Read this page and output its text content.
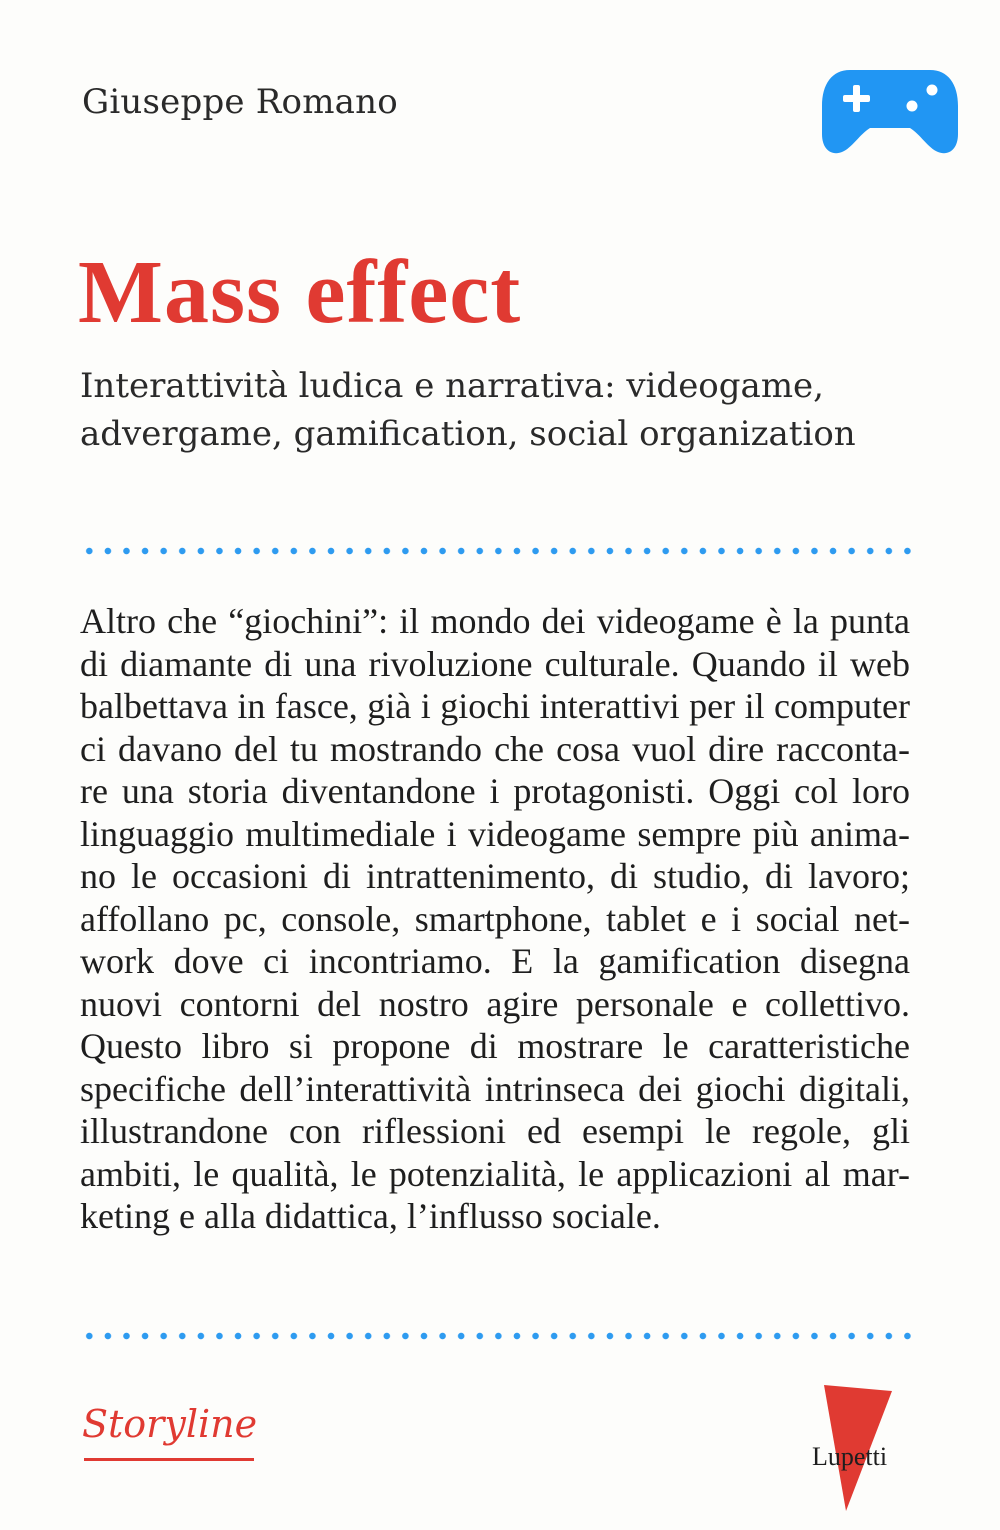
Giuseppe Romano
Mass effect
Interattività ludica e narrativa: videogame,
advergame, gamification, social organization
Altro che “giochini”: il mondo dei videogame è la punta
di diamante di una rivoluzione culturale. Quando il web
balbettava in fasce, già i giochi interattivi per il computer
ci davano del tu mostrando che cosa vuol dire racconta-
re una storia diventandone i protagonisti. Oggi col loro
linguaggio multimediale i videogame sempre più anima-
no le occasioni di intrattenimento, di studio, di lavoro;
affollano pc, console, smartphone, tablet e i social net-
work dove ci incontriamo. E la gamification disegna
nuovi contorni del nostro agire personale e collettivo.
Questo libro si propone di mostrare le caratteristiche
specifiche dell’interattività intrinseca dei giochi digitali,
illustrandone con riflessioni ed esempi le regole, gli
ambiti, le qualità, le potenzialità, le applicazioni al mar-
keting e alla didattica, l’influsso sociale.
Storyline
Lupetti
